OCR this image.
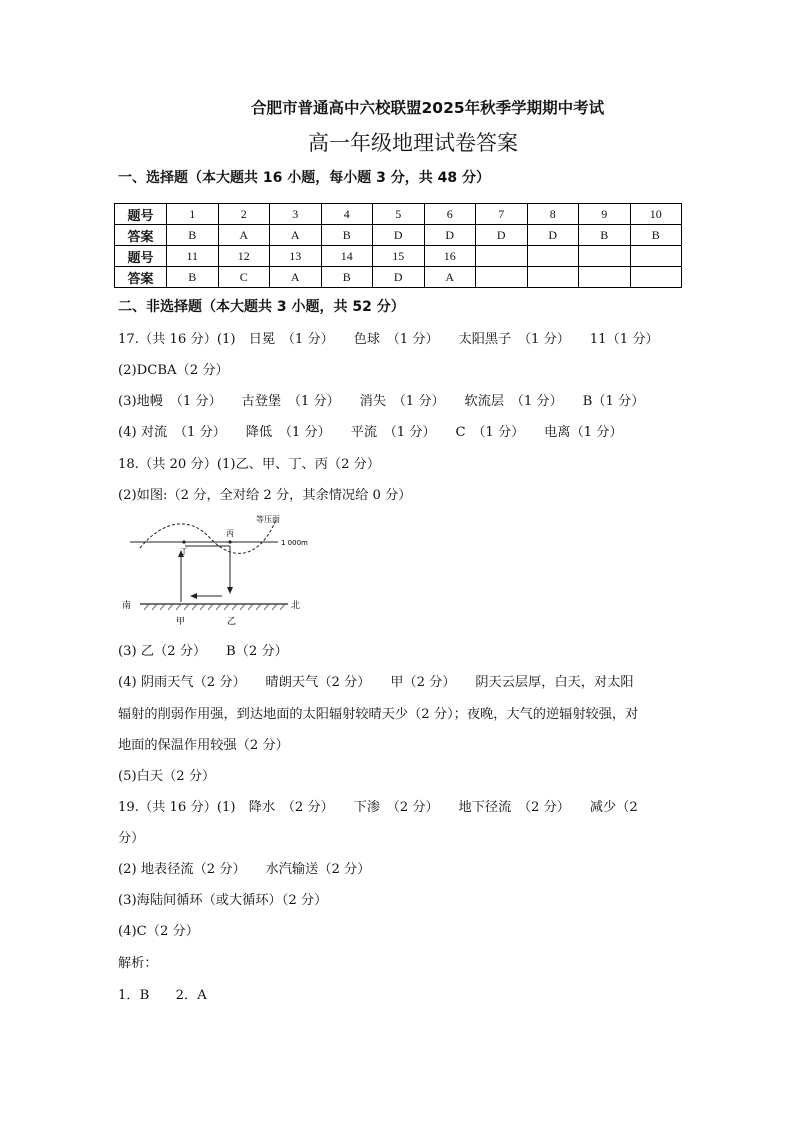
合肥市普通高中六校联盟2025年秋季学期期中考试
高一年级地理试卷答案
一、选择题（本大题共 16 小题，每小题 3 分，共 48 分）
题号	1	2	3	4	5	6	7	8	9	10
答案	B	A	A	B	D	D	D	D	B	B
题号	11	12	13	14	15	16				
答案	B	C	A	B	D	A				
二、非选择题（本大题共 3 小题，共 52 分）
17.（共 16 分）(1)　日冕　（1 分）　　色球　（1 分）　　太阳黑子　（1 分）　　11（1 分）
(2)DCBA（2 分）
(3)地幔　（1 分）　　古登堡　（1 分）　　消失　（1 分）　　软流层　（1 分）　　B（1 分）
(4) 对流　（1 分）　　降低　（1 分）　　平流　（1 分）　　C　（1 分）　　电离（1 分）
18.（共 20 分）(1)乙、甲、丁、丙（2 分）
(2)如图:（2 分，全对给 2 分，其余情况给 0 分）
等压面
1 000m
丙
丁
南	北
甲	乙
(3) 乙（2 分）　　B（2 分）
(4) 阴雨天气（2 分）　　晴朗天气（2 分）　　甲（2 分）　　阴天云层厚，白天，对太阳
辐射的削弱作用强，到达地面的太阳辐射较晴天少（2 分）；夜晚，大气的逆辐射较强，对
地面的保温作用较强（2 分）
(5)白天（2 分）
19.（共 16 分）(1)　降水　（2 分）　　下渗　（2 分）　　地下径流　（2 分）　　减少（2
分）
(2) 地表径流（2 分）　　水汽输送（2 分）
(3)海陆间循环（或大循环）（2 分）
(4)C（2 分）
解析：
1．B　　2．A
